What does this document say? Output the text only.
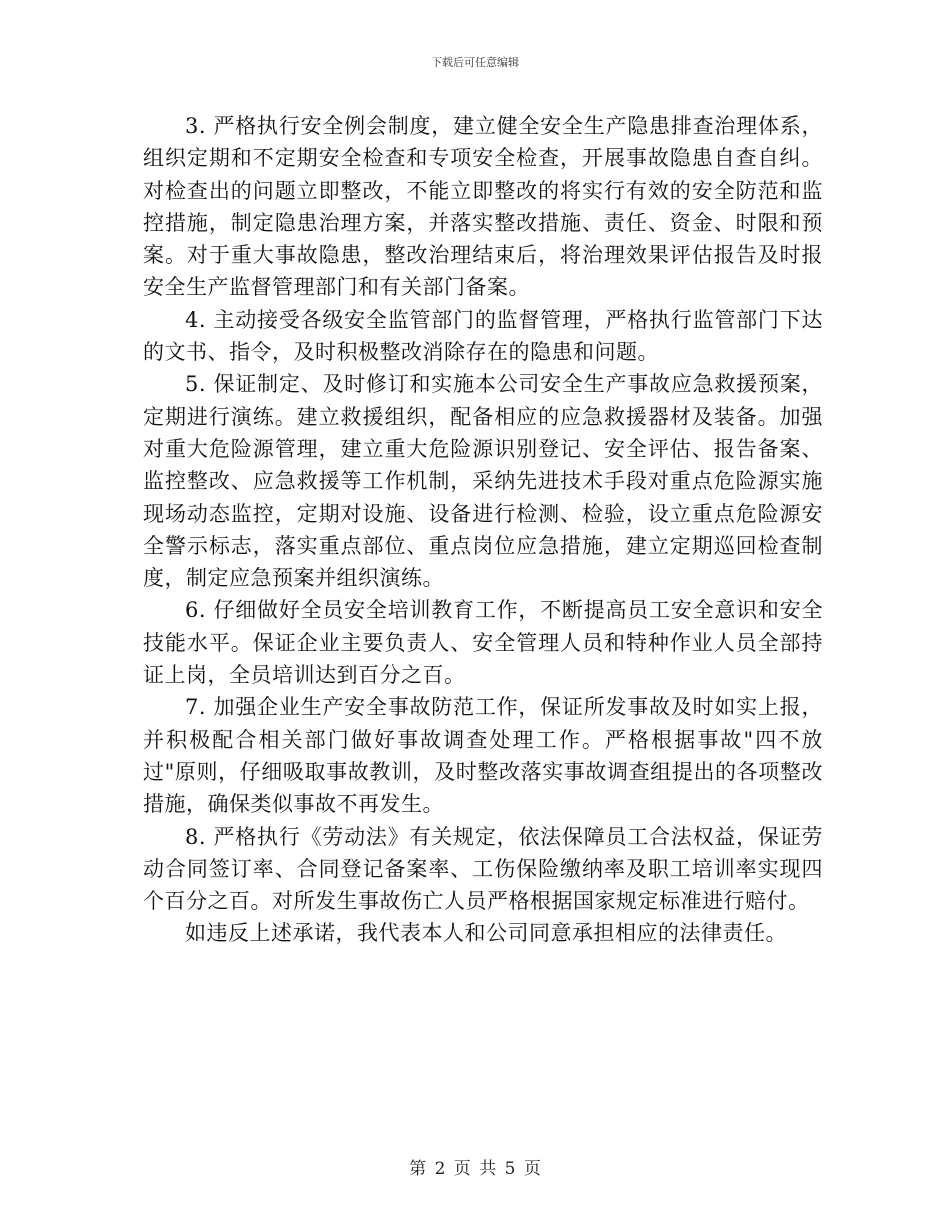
下载后可任意编辑

3. 严格执行安全例会制度，建立健全安全生产隐患排查治理体系，组织定期和不定期安全检查和专项安全检查，开展事故隐患自查自纠。对检查出的问题立即整改，不能立即整改的将实行有效的安全防范和监控措施，制定隐患治理方案，并落实整改措施、责任、资金、时限和预案。对于重大事故隐患，整改治理结束后，将治理效果评估报告及时报安全生产监督管理部门和有关部门备案。

4. 主动接受各级安全监管部门的监督管理，严格执行监管部门下达的文书、指令，及时积极整改消除存在的隐患和问题。

5. 保证制定、及时修订和实施本公司安全生产事故应急救援预案，定期进行演练。建立救援组织，配备相应的应急救援器材及装备。加强对重大危险源管理，建立重大危险源识别登记、安全评估、报告备案、监控整改、应急救援等工作机制，采纳先进技术手段对重点危险源实施现场动态监控，定期对设施、设备进行检测、检验，设立重点危险源安全警示标志，落实重点部位、重点岗位应急措施，建立定期巡回检查制度，制定应急预案并组织演练。

6. 仔细做好全员安全培训教育工作，不断提高员工安全意识和安全技能水平。保证企业主要负责人、安全管理人员和特种作业人员全部持证上岗，全员培训达到百分之百。

7. 加强企业生产安全事故防范工作，保证所发事故及时如实上报，并积极配合相关部门做好事故调查处理工作。严格根据事故"四不放过"原则，仔细吸取事故教训，及时整改落实事故调查组提出的各项整改措施，确保类似事故不再发生。

8. 严格执行《劳动法》有关规定，依法保障员工合法权益，保证劳动合同签订率、合同登记备案率、工伤保险缴纳率及职工培训率实现四个百分之百。对所发生事故伤亡人员严格根据国家规定标准进行赔付。

如违反上述承诺，我代表本人和公司同意承担相应的法律责任。

第 2 页 共 5 页
